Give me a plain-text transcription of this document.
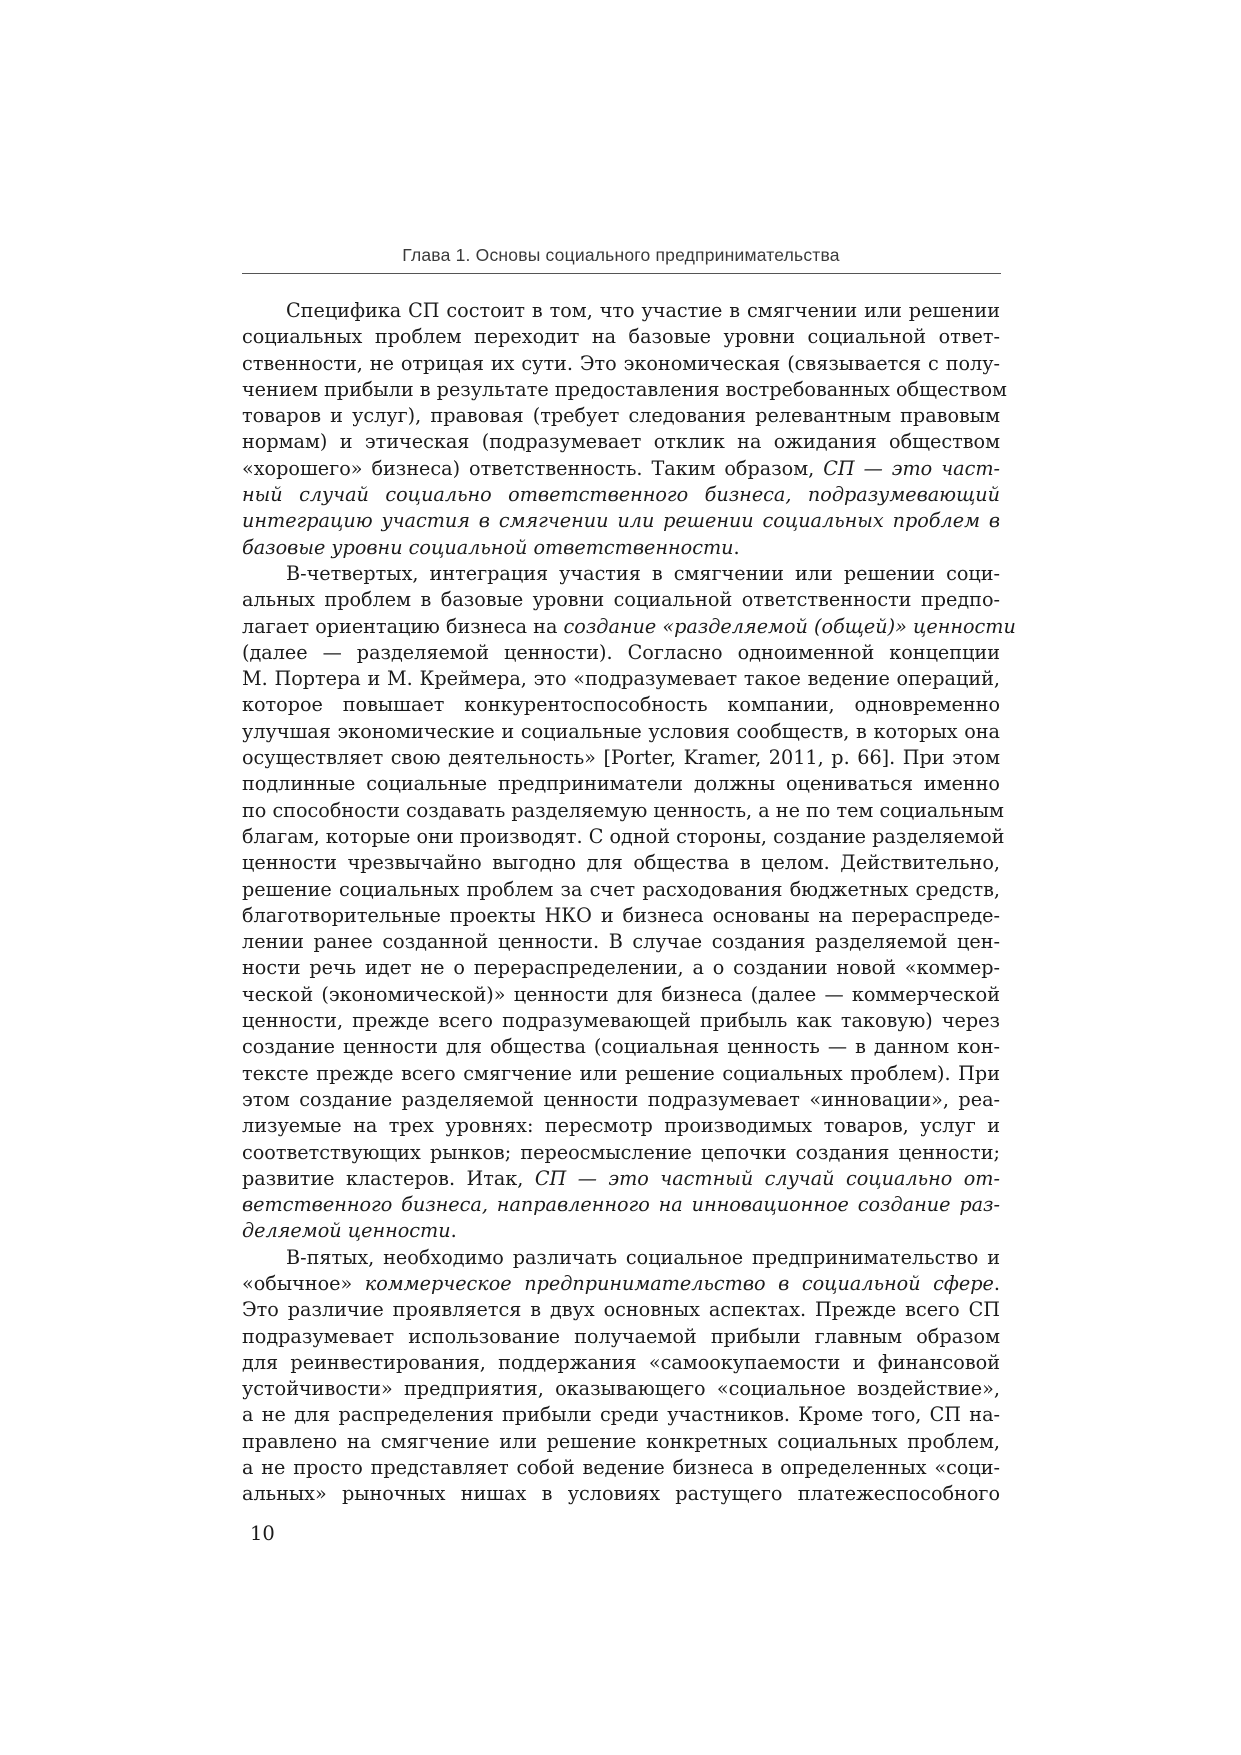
Глава 1. Основы социального предпринимательства

Специфика СП состоит в том, что участие в смягчении или решении
социальных проблем переходит на базовые уровни социальной ответ-
ственности, не отрицая их сути. Это экономическая (связывается с полу-
чением прибыли в результате предоставления востребованных обществом
товаров и услуг), правовая (требует следования релевантным правовым
нормам) и этическая (подразумевает отклик на ожидания обществом
«хорошего» бизнеса) ответственность. Таким образом, СП — это част-
ный случай социально ответственного бизнеса, подразумевающий
интеграцию участия в смягчении или решении социальных проблем в
базовые уровни социальной ответственности.

В-четвертых, интеграция участия в смягчении или решении соци-
альных проблем в базовые уровни социальной ответственности предпо-
лагает ориентацию бизнеса на создание «разделяемой (общей)» ценности
(далее — разделяемой ценности). Согласно одноименной концепции
М. Портера и М. Креймера, это «подразумевает такое ведение операций,
которое повышает конкурентоспособность компании, одновременно
улучшая экономические и социальные условия сообществ, в которых она
осуществляет свою деятельность» [Porter, Kramer, 2011, p. 66]. При этом
подлинные социальные предприниматели должны оцениваться именно
по способности создавать разделяемую ценность, а не по тем социальным
благам, которые они производят. С одной стороны, создание разделяемой
ценности чрезвычайно выгодно для общества в целом. Действительно,
решение социальных проблем за счет расходования бюджетных средств,
благотворительные проекты НКО и бизнеса основаны на перераспреде-
лении ранее созданной ценности. В случае создания разделяемой цен-
ности речь идет не о перераспределении, а о создании новой «коммер-
ческой (экономической)» ценности для бизнеса (далее — коммерческой
ценности, прежде всего подразумевающей прибыль как таковую) через
создание ценности для общества (социальная ценность — в данном кон-
тексте прежде всего смягчение или решение социальных проблем). При
этом создание разделяемой ценности подразумевает «инновации», реа-
лизуемые на трех уровнях: пересмотр производимых товаров, услуг и
соответствующих рынков; переосмысление цепочки создания ценности;
развитие кластеров. Итак, СП — это частный случай социально от-
ветственного бизнеса, направленного на инновационное создание раз-
деляемой ценности.

В-пятых, необходимо различать социальное предпринимательство и
«обычное» коммерческое предпринимательство в социальной сфере.
Это различие проявляется в двух основных аспектах. Прежде всего СП
подразумевает использование получаемой прибыли главным образом
для реинвестирования, поддержания «самоокупаемости и финансовой
устойчивости» предприятия, оказывающего «социальное воздействие»,
а не для распределения прибыли среди участников. Кроме того, СП на-
правлено на смягчение или решение конкретных социальных проблем,
а не просто представляет собой ведение бизнеса в определенных «соци-
альных» рыночных нишах в условиях растущего платежеспособного

10
